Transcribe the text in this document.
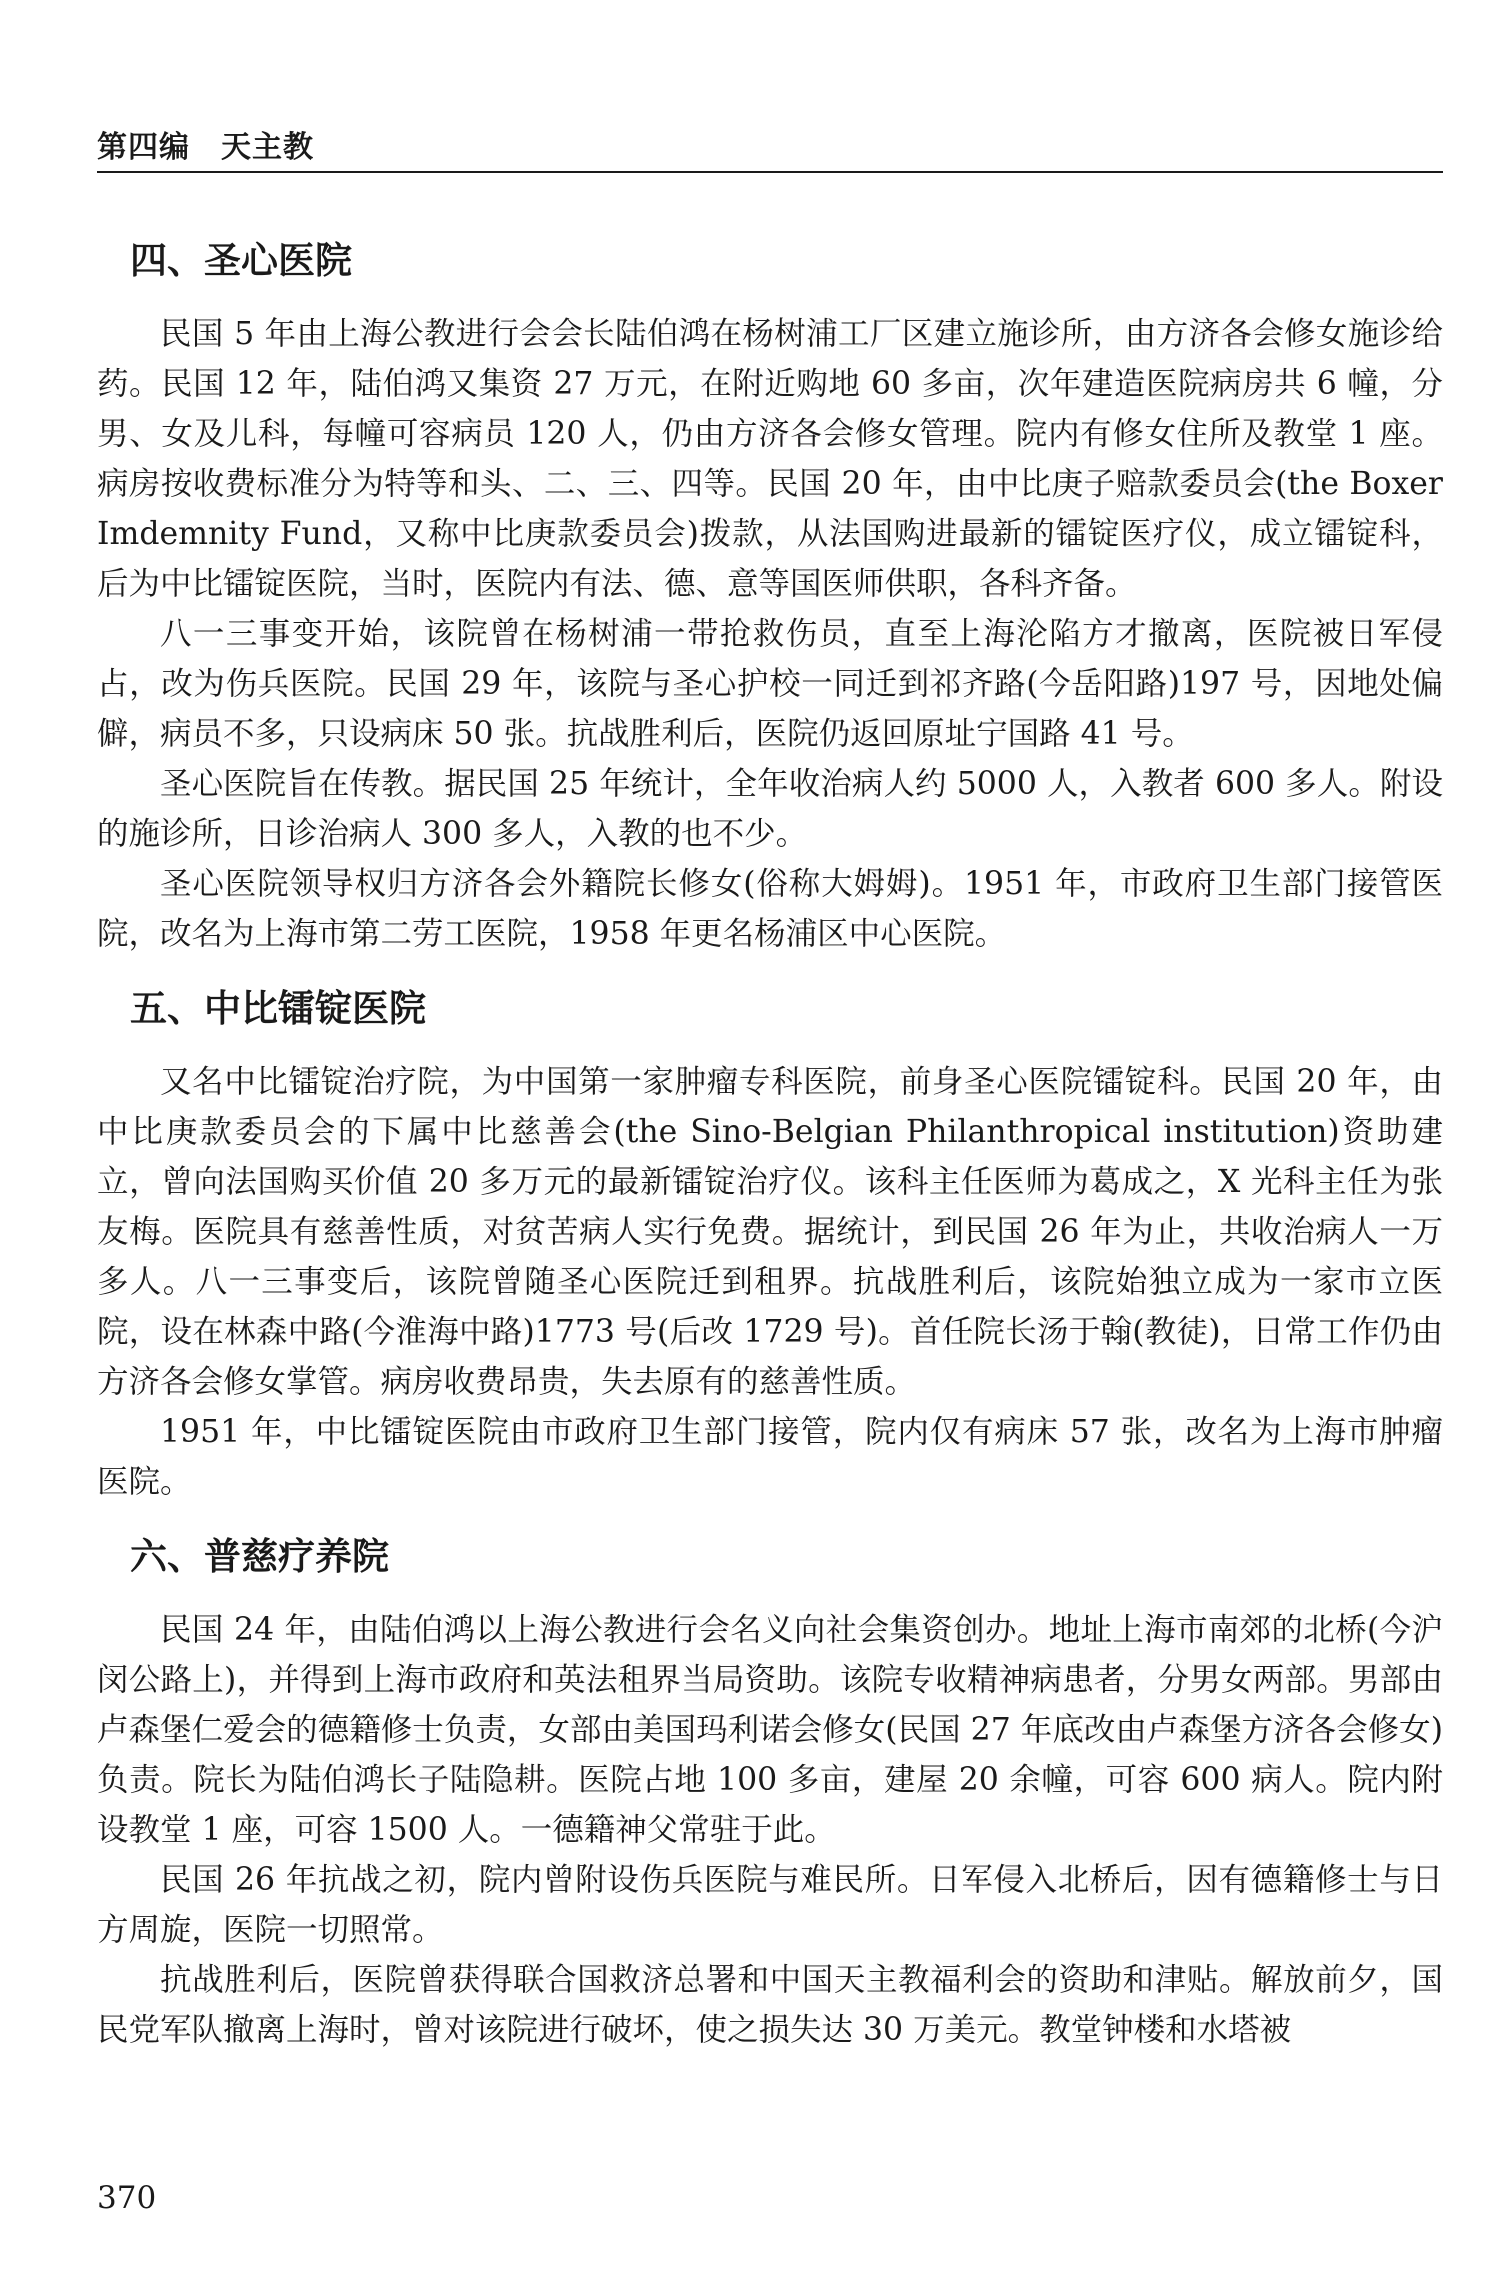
第四编　天主教
四、圣心医院

民国 5 年由上海公教进行会会长陆伯鸿在杨树浦工厂区建立施诊所，由方济各会修女施诊给药。民国 12 年，陆伯鸿又集资 27 万元，在附近购地 60 多亩，次年建造医院病房共 6 幢，分男、女及儿科，每幢可容病员 120 人，仍由方济各会修女管理。院内有修女住所及教堂 1 座。病房按收费标准分为特等和头、二、三、四等。民国 20 年，由中比庚子赔款委员会(the Boxer Imdemnity Fund，又称中比庚款委员会)拨款，从法国购进最新的镭锭医疗仪，成立镭锭科，后为中比镭锭医院，当时，医院内有法、德、意等国医师供职，各科齐备。

八一三事变开始，该院曾在杨树浦一带抢救伤员，直至上海沦陷方才撤离，医院被日军侵占，改为伤兵医院。民国 29 年，该院与圣心护校一同迁到祁齐路(今岳阳路)197 号，因地处偏僻，病员不多，只设病床 50 张。抗战胜利后，医院仍返回原址宁国路 41 号。

圣心医院旨在传教。据民国 25 年统计，全年收治病人约 5000 人，入教者 600 多人。附设的施诊所，日诊治病人 300 多人，入教的也不少。

圣心医院领导权归方济各会外籍院长修女(俗称大姆姆)。1951 年，市政府卫生部门接管医院，改名为上海市第二劳工医院，1958 年更名杨浦区中心医院。

五、中比镭锭医院

又名中比镭锭治疗院，为中国第一家肿瘤专科医院，前身圣心医院镭锭科。民国 20 年，由中比庚款委员会的下属中比慈善会(the Sino-Belgian Philanthropical institution)资助建立，曾向法国购买价值 20 多万元的最新镭锭治疗仪。该科主任医师为葛成之，X 光科主任为张友梅。医院具有慈善性质，对贫苦病人实行免费。据统计，到民国 26 年为止，共收治病人一万多人。八一三事变后，该院曾随圣心医院迁到租界。抗战胜利后，该院始独立成为一家市立医院，设在林森中路(今淮海中路)1773 号(后改 1729 号)。首任院长汤于翰(教徒)，日常工作仍由方济各会修女掌管。病房收费昂贵，失去原有的慈善性质。

1951 年，中比镭锭医院由市政府卫生部门接管，院内仅有病床 57 张，改名为上海市肿瘤医院。

六、普慈疗养院

民国 24 年，由陆伯鸿以上海公教进行会名义向社会集资创办。地址上海市南郊的北桥(今沪闵公路上)，并得到上海市政府和英法租界当局资助。该院专收精神病患者，分男女两部。男部由卢森堡仁爱会的德籍修士负责，女部由美国玛利诺会修女(民国 27 年底改由卢森堡方济各会修女)负责。院长为陆伯鸿长子陆隐耕。医院占地 100 多亩，建屋 20 余幢，可容 600 病人。院内附设教堂 1 座，可容 1500 人。一德籍神父常驻于此。

民国 26 年抗战之初，院内曾附设伤兵医院与难民所。日军侵入北桥后，因有德籍修士与日方周旋，医院一切照常。

抗战胜利后，医院曾获得联合国救济总署和中国天主教福利会的资助和津贴。解放前夕，国民党军队撤离上海时，曾对该院进行破坏，使之损失达 30 万美元。教堂钟楼和水塔被

370
